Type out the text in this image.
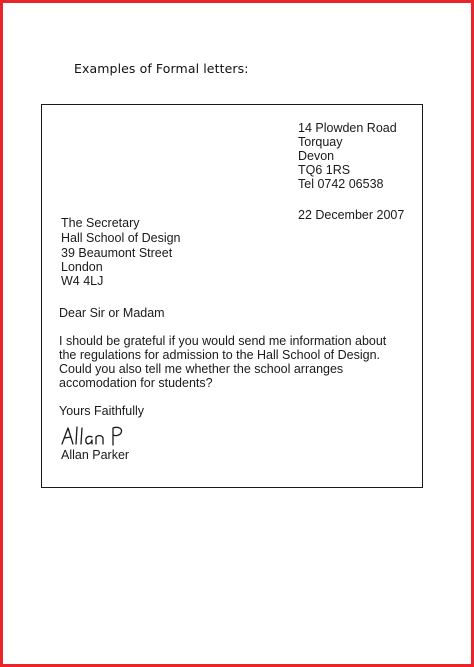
Examples of Formal letters:
14 Plowden Road
Torquay
Devon
TQ6 1RS
Tel 0742 06538
22 December 2007
The Secretary
Hall School of Design
39 Beaumont Street
London
W4 4LJ
Dear Sir or Madam
I should be grateful if you would send me information about
the regulations for admission to the Hall School of Design.
Could you also tell me whether the school arranges
accomodation for students?
Yours Faithfully
Allan Parker
